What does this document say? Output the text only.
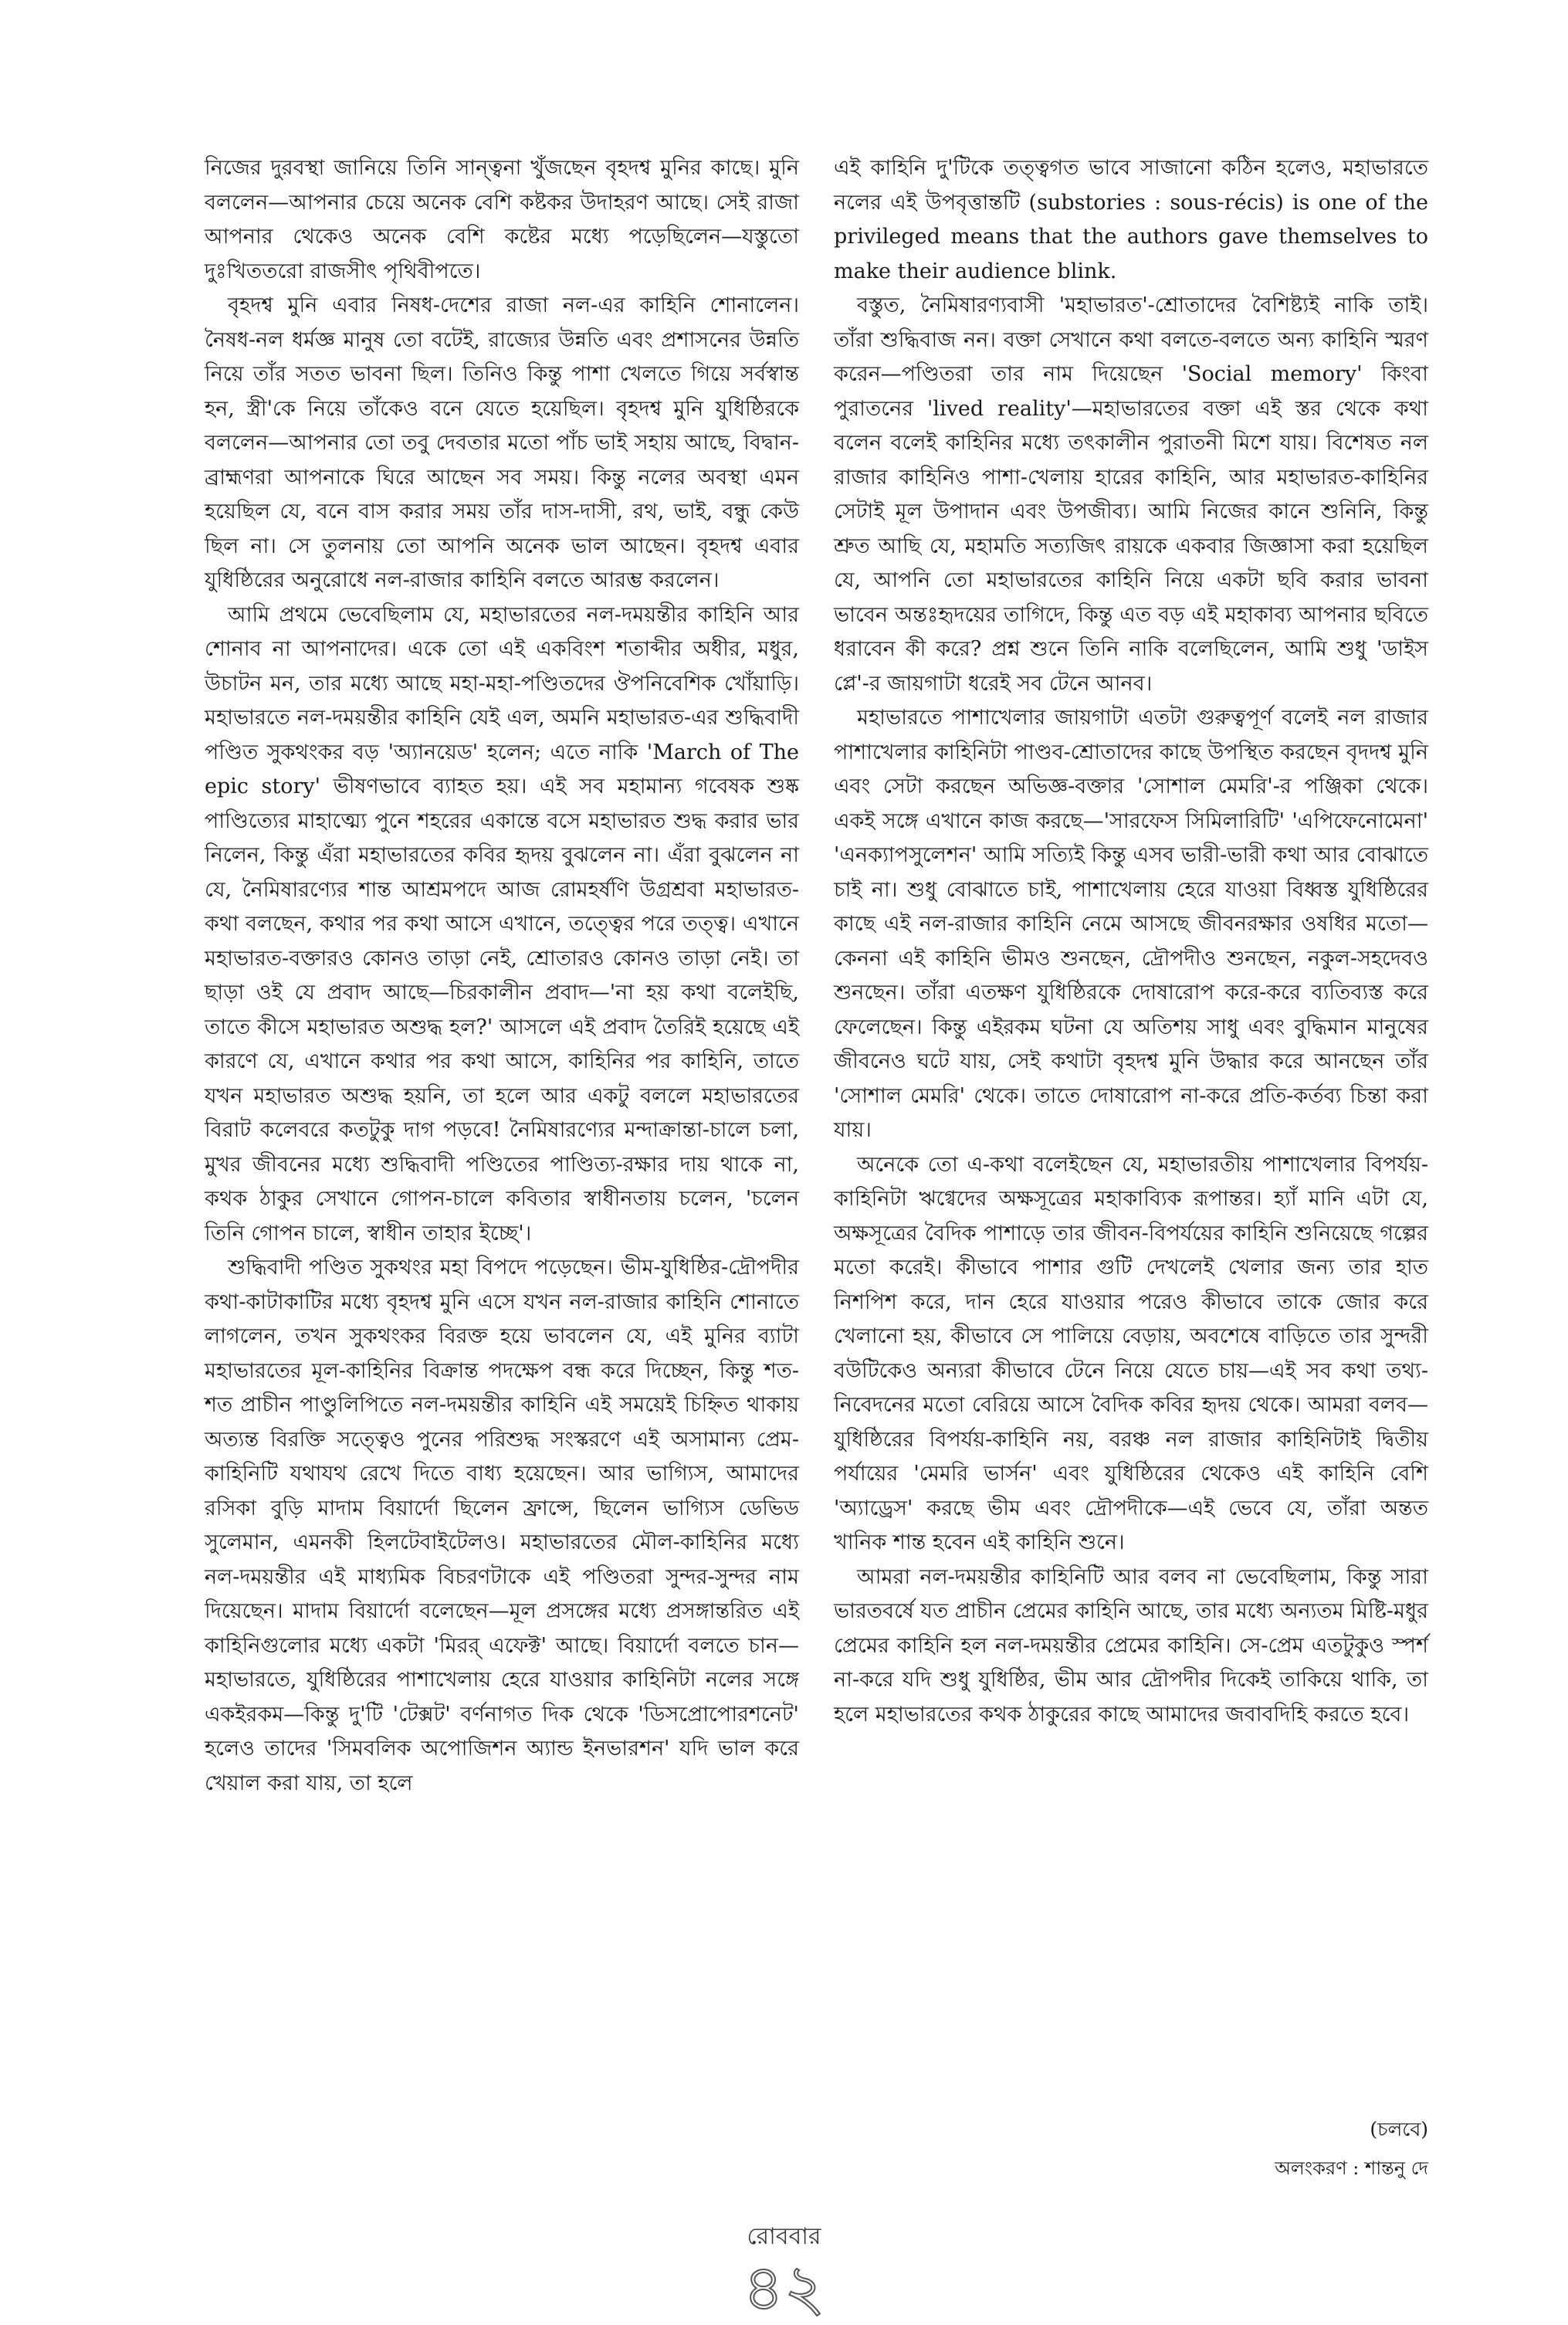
নিজের দুরবস্থা জানিয়ে তিনি সান্ত্বনা খুঁজছেন বৃহদশ্ব মুনির কাছে। মুনি বললেন—আপনার চেয়ে অনেক বেশি কষ্টকর উদাহরণ আছে। সেই রাজা আপনার থেকেও অনেক বেশি কষ্টের মধ্যে পড়েছিলেন—যস্তুতো দুঃখিততরো রাজসীৎ পৃথিবীপতে।

বৃহদশ্ব মুনি এবার নিষধ-দেশের রাজা নল-এর কাহিনি শোনালেন। নৈষধ-নল ধর্মজ্ঞ মানুষ তো বটেই, রাজ্যের উন্নতি এবং প্রশাসনের উন্নতি নিয়ে তাঁর সতত ভাবনা ছিল। তিনিও কিন্তু পাশা খেলতে গিয়ে সর্বস্বান্ত হন, স্ত্রী'কে নিয়ে তাঁকেও বনে যেতে হয়েছিল। বৃহদশ্ব মুনি যুধিষ্ঠিরকে বললেন—আপনার তো তবু দেবতার মতো পাঁচ ভাই সহায় আছে, বিদ্বান-ব্রাহ্মণরা আপনাকে ঘিরে আছেন সব সময়। কিন্তু নলের অবস্থা এমন হয়েছিল যে, বনে বাস করার সময় তাঁর দাস-দাসী, রথ, ভাই, বন্ধু কেউ ছিল না। সে তুলনায় তো আপনি অনেক ভাল আছেন। বৃহদশ্ব এবার যুধিষ্ঠিরের অনুরোধে নল-রাজার কাহিনি বলতে আরম্ভ করলেন।

আমি প্রথমে ভেবেছিলাম যে, মহাভারতের নল-দময়ন্তীর কাহিনি আর শোনাব না আপনাদের। একে তো এই একবিংশ শতাব্দীর অধীর, মধুর, উচাটন মন, তার মধ্যে আছে মহা-মহা-পণ্ডিতদের ঔপনিবেশিক খোঁয়াড়ি। মহাভারতে নল-দময়ন্তীর কাহিনি যেই এল, অমনি মহাভারত-এর শুদ্ধিবাদী পণ্ডিত সুকথংকর বড় 'অ্যানয়েড' হলেন; এতে নাকি 'March of The epic story' ভীষণভাবে ব্যাহত হয়। এই সব মহামান্য গবেষক শুষ্ক পাণ্ডিত্যের মাহাত্ম্যে পুনে শহরের একান্তে বসে মহাভারত শুদ্ধ করার ভার নিলেন, কিন্তু এঁরা মহাভারতের কবির হৃদয় বুঝলেন না। এঁরা বুঝলেন না যে, নৈমিষারণ্যের শান্ত আশ্রমপদে আজ রোমহর্ষণি উগ্রশ্রবা মহাভারত-কথা বলছেন, কথার পর কথা আসে এখানে, তত্ত্বের পরে তত্ত্ব। এখানে মহাভারত-বক্তারও কোনও তাড়া নেই, শ্রোতারও কোনও তাড়া নেই। তা ছাড়া ওই যে প্রবাদ আছে—চিরকালীন প্রবাদ—'না হয় কথা বলেইছি, তাতে কীসে মহাভারত অশুদ্ধ হল?' আসলে এই প্রবাদ তৈরিই হয়েছে এই কারণে যে, এখানে কথার পর কথা আসে, কাহিনির পর কাহিনি, তাতে যখন মহাভারত অশুদ্ধ হয়নি, তা হলে আর একটু বললে মহাভারতের বিরাট কলেবরে কতটুকু দাগ পড়বে! নৈমিষারণ্যের মন্দাক্রান্তা-চালে চলা, মুখর জীবনের মধ্যে শুদ্ধিবাদী পণ্ডিতের পাণ্ডিত্য-রক্ষার দায় থাকে না, কথক ঠাকুর সেখানে গোপন-চালে কবিতার স্বাধীনতায় চলেন, 'চলেন তিনি গোপন চালে, স্বাধীন তাহার ইচ্ছে'।

শুদ্ধিবাদী পণ্ডিত সুকথংর মহা বিপদে পড়েছেন। ভীম-যুধিষ্ঠির-দ্রৌপদীর কথা-কাটাকাটির মধ্যে বৃহদশ্ব মুনি এসে যখন নল-রাজার কাহিনি শোনাতে লাগলেন, তখন সুকথংকর বিরক্ত হয়ে ভাবলেন যে, এই মুনির ব্যাটা মহাভারতের মূল-কাহিনির বিক্রান্ত পদক্ষেপ বন্ধ করে দিচ্ছেন, কিন্তু শত-শত প্রাচীন পাণ্ডুলিপিতে নল-দময়ন্তীর কাহিনি এই সময়েই চিহ্নিত থাকায় অত্যন্ত বিরক্তি সত্ত্বেও পুনের পরিশুদ্ধ সংস্করণে এই অসামান্য প্রেম-কাহিনিটি যথাযথ রেখে দিতে বাধ্য হয়েছেন। আর ভাগ্যিস, আমাদের রসিকা বুড়ি মাদাম বিয়ার্দো ছিলেন ফ্রান্সে, ছিলেন ভাগ্যিস ডেভিড সুলেমান, এমনকী হিলটেবাইটেলও। মহাভারতের মৌল-কাহিনির মধ্যে নল-দময়ন্তীর এই মাধ্যমিক বিচরণটাকে এই পণ্ডিতরা সুন্দর-সুন্দর নাম দিয়েছেন। মাদাম বিয়ার্দো বলেছেন—মূল প্রসঙ্গের মধ্যে প্রসঙ্গান্তরিত এই কাহিনিগুলোর মধ্যে একটা 'মিরর্ এফেক্ট' আছে। বিয়ার্দো বলতে চান—মহাভারতে, যুধিষ্ঠিরের পাশাখেলায় হেরে যাওয়ার কাহিনিটা নলের সঙ্গে একইরকম—কিন্তু দু'টি 'টেক্সট' বর্ণনাগত দিক থেকে 'ডিসপ্রোপোরশনেট' হলেও তাদের 'সিমবলিক অপোজিশন অ্যান্ড ইনভারশন' যদি ভাল করে খেয়াল করা যায়, তা হলে

এই কাহিনি দু'টিকে তত্ত্বগত ভাবে সাজানো কঠিন হলেও, মহাভারতে নলের এই উপবৃত্তান্তটি (substories : sous-récis) is one of the privileged means that the authors gave themselves to make their audience blink.

বস্তুত, নৈমিষারণ্যবাসী 'মহাভারত'-শ্রোতাদের বৈশিষ্ট্যই নাকি তাই। তাঁরা শুদ্ধিবাজ নন। বক্তা সেখানে কথা বলতে-বলতে অন্য কাহিনি স্মরণ করেন—পণ্ডিতরা তার নাম দিয়েছেন 'Social memory' কিংবা পুরাতনের 'lived reality'—মহাভারতের বক্তা এই স্তর থেকে কথা বলেন বলেই কাহিনির মধ্যে তৎকালীন পুরাতনী মিশে যায়। বিশেষত নল রাজার কাহিনিও পাশা-খেলায় হারের কাহিনি, আর মহাভারত-কাহিনির সেটাই মূল উপাদান এবং উপজীব্য। আমি নিজের কানে শুনিনি, কিন্তু শ্রুত আছি যে, মহামতি সত্যজিৎ রায়কে একবার জিজ্ঞাসা করা হয়েছিল যে, আপনি তো মহাভারতের কাহিনি নিয়ে একটা ছবি করার ভাবনা ভাবেন অন্তঃহৃদয়ের তাগিদে, কিন্তু এত বড় এই মহাকাব্য আপনার ছবিতে ধরাবেন কী করে? প্রশ্ন শুনে তিনি নাকি বলেছিলেন, আমি শুধু 'ডাইস প্লে'-র জায়গাটা ধরেই সব টেনে আনব।

মহাভারতে পাশাখেলার জায়গাটা এতটা গুরুত্বপূর্ণ বলেই নল রাজার পাশাখেলার কাহিনিটা পাণ্ডব-শ্রোতাদের কাছে উপস্থিত করছেন বৃদদশ্ব মুনি এবং সেটা করছেন অভিজ্ঞ-বক্তার 'সোশাল মেমরি'-র পঞ্জিকা থেকে। একই সঙ্গে এখানে কাজ করছে—'সারফেস সিমিলারিটি' 'এপিফেনোমেনা' 'এনক্যাপসুলেশন' আমি সত্যিই কিন্তু এসব ভারী-ভারী কথা আর বোঝাতে চাই না। শুধু বোঝাতে চাই, পাশাখেলায় হেরে যাওয়া বিধ্বস্ত যুধিষ্ঠিরের কাছে এই নল-রাজার কাহিনি নেমে আসছে জীবনরক্ষার ওষধির মতো—কেননা এই কাহিনি ভীমও শুনছেন, দ্রৌপদীও শুনছেন, নকুল-সহদেবও শুনছেন। তাঁরা এতক্ষণ যুধিষ্ঠিরকে দোষারোপ করে-করে ব্যতিব্যস্ত করে ফেলেছেন। কিন্তু এইরকম ঘটনা যে অতিশয় সাধু এবং বুদ্ধিমান মানুষের জীবনেও ঘটে যায়, সেই কথাটা বৃহদশ্ব মুনি উদ্ধার করে আনছেন তাঁর 'সোশাল মেমরি' থেকে। তাতে দোষারোপ না-করে প্রতি-কর্তব্য চিন্তা করা যায়।

অনেকে তো এ-কথা বলেইছেন যে, মহাভারতীয় পাশাখেলার বিপর্যয়-কাহিনিটা ঋগ্বেদের অক্ষসূত্রের মহাকাব্যিক রূপান্তর। হ্যাঁ মানি এটা যে, অক্ষসূত্রের বৈদিক পাশাড়ে তার জীবন-বিপর্যয়ের কাহিনি শুনিয়েছে গল্পের মতো করেই। কীভাবে পাশার গুটি দেখলেই খেলার জন্য তার হাত নিশপিশ করে, দান হেরে যাওয়ার পরেও কীভাবে তাকে জোর করে খেলানো হয়, কীভাবে সে পালিয়ে বেড়ায়, অবশেষে বাড়িতে তার সুন্দরী বউটিকেও অন্যরা কীভাবে টেনে নিয়ে যেতে চায়—এই সব কথা তথ্য-নিবেদনের মতো বেরিয়ে আসে বৈদিক কবির হৃদয় থেকে। আমরা বলব—যুধিষ্ঠিরের বিপর্যয়-কাহিনি নয়, বরঞ্চ নল রাজার কাহিনিটাই দ্বিতীয় পর্যায়ের 'মেমরি ভার্সন' এবং যুধিষ্ঠিরের থেকেও এই কাহিনি বেশি 'অ্যাড্রেস' করছে ভীম এবং দ্রৌপদীকে—এই ভেবে যে, তাঁরা অন্তত খানিক শান্ত হবেন এই কাহিনি শুনে।

আমরা নল-দময়ন্তীর কাহিনিটি আর বলব না ভেবেছিলাম, কিন্তু সারা ভারতবর্ষে যত প্রাচীন প্রেমের কাহিনি আছে, তার মধ্যে অন্যতম মিষ্টি-মধুর প্রেমের কাহিনি হল নল-দময়ন্তীর প্রেমের কাহিনি। সে-প্রেম এতটুকুও স্পর্শ না-করে যদি শুধু যুধিষ্ঠির, ভীম আর দ্রৌপদীর দিকেই তাকিয়ে থাকি, তা হলে মহাভারতের কথক ঠাকুরের কাছে আমাদের জবাবদিহি করতে হবে।

(চলবে)
অলংকরণ : শান্তনু দে
রোববার
৪২
